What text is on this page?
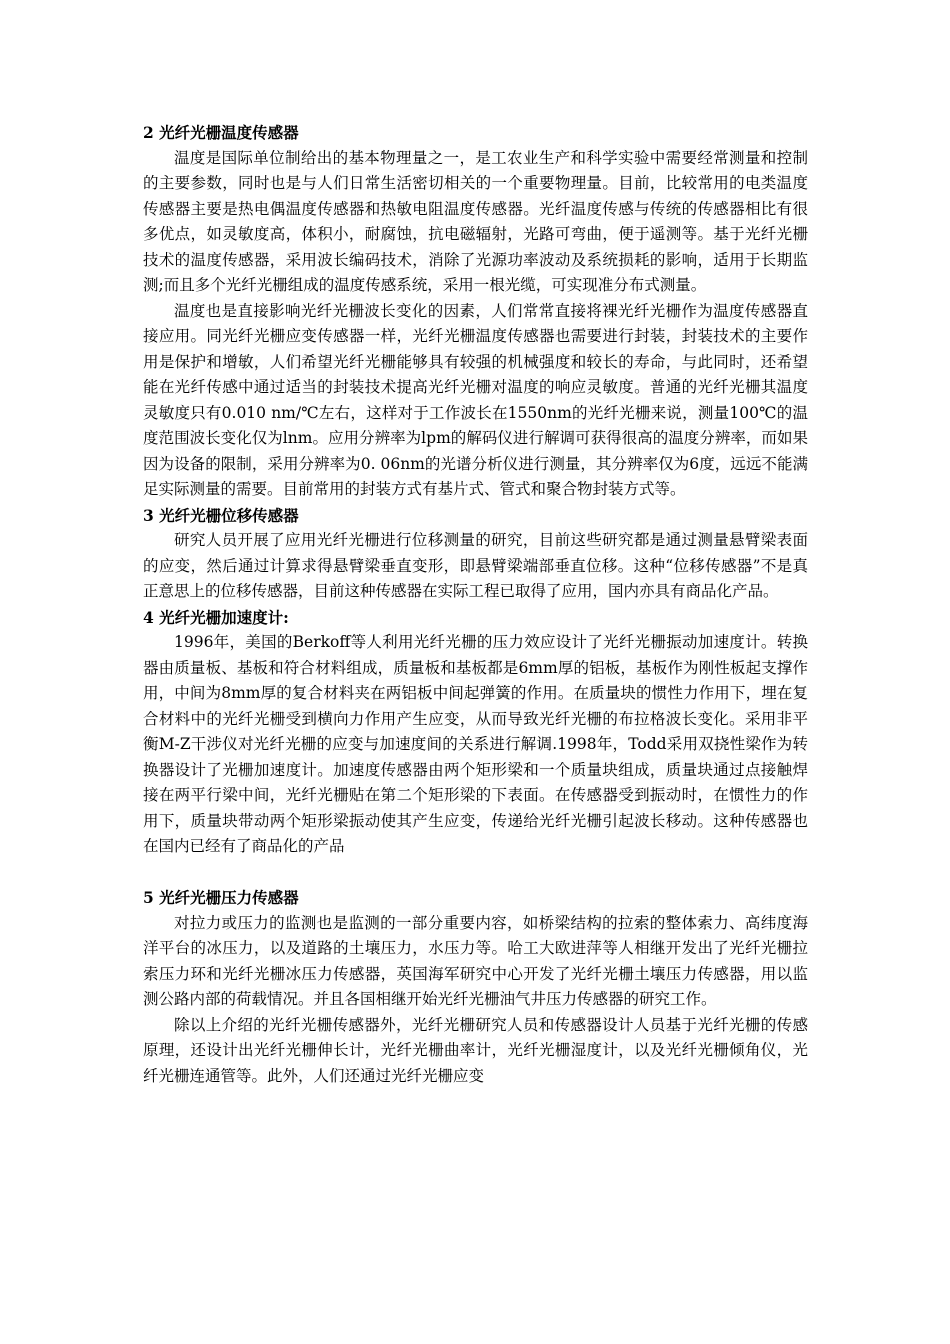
2 光纤光栅温度传感器

温度是国际单位制给出的基本物理量之一，是工农业生产和科学实验中需要经常测量和控制的主要参数，同时也是与人们日常生活密切相关的一个重要物理量。目前，比较常用的电类温度传感器主要是热电偶温度传感器和热敏电阻温度传感器。光纤温度传感与传统的传感器相比有很多优点，如灵敏度高，体积小，耐腐蚀，抗电磁辐射，光路可弯曲，便于遥测等。基于光纤光栅技术的温度传感器，采用波长编码技术，消除了光源功率波动及系统损耗的影响，适用于长期监测;而且多个光纤光栅组成的温度传感系统，采用一根光缆，可实现准分布式测量。

温度也是直接影响光纤光栅波长变化的因素，人们常常直接将裸光纤光栅作为温度传感器直接应用。同光纤光栅应变传感器一样，光纤光栅温度传感器也需要进行封装，封装技术的主要作用是保护和增敏，人们希望光纤光栅能够具有较强的机械强度和较长的寿命，与此同时，还希望能在光纤传感中通过适当的封装技术提高光纤光栅对温度的响应灵敏度。普通的光纤光栅其温度灵敏度只有0.010 nm/℃左右，这样对于工作波长在1550nm的光纤光栅来说，测量100℃的温度范围波长变化仅为lnm。应用分辨率为lpm的解码仪进行解调可获得很高的温度分辨率，而如果因为设备的限制，采用分辨率为0. 06nm的光谱分析仪进行测量，其分辨率仅为6度，远远不能满足实际测量的需要。目前常用的封装方式有基片式、管式和聚合物封装方式等。

3 光纤光栅位移传感器

研究人员开展了应用光纤光栅进行位移测量的研究，目前这些研究都是通过测量悬臂梁表面的应变，然后通过计算求得悬臂梁垂直变形，即悬臂梁端部垂直位移。这种“位移传感器”不是真正意思上的位移传感器，目前这种传感器在实际工程已取得了应用，国内亦具有商品化产品。

4 光纤光栅加速度计:

1996年，美国的Berkoff等人利用光纤光栅的压力效应设计了光纤光栅振动加速度计。转换器由质量板、基板和符合材料组成，质量板和基板都是6mm厚的铝板，基板作为刚性板起支撑作用，中间为8mm厚的复合材料夹在两铝板中间起弹簧的作用。在质量块的惯性力作用下，埋在复合材料中的光纤光栅受到横向力作用产生应变，从而导致光纤光栅的布拉格波长变化。采用非平衡M-Z干涉仪对光纤光栅的应变与加速度间的关系进行解调.1998年，Todd采用双挠性梁作为转换器设计了光栅加速度计。加速度传感器由两个矩形梁和一个质量块组成，质量块通过点接触焊接在两平行梁中间，光纤光栅贴在第二个矩形梁的下表面。在传感器受到振动时，在惯性力的作用下，质量块带动两个矩形梁振动使其产生应变，传递给光纤光栅引起波长移动。这种传感器也在国内已经有了商品化的产品

5 光纤光栅压力传感器

对拉力或压力的监测也是监测的一部分重要内容，如桥梁结构的拉索的整体索力、高纬度海洋平台的冰压力，以及道路的土壤压力，水压力等。哈工大欧进萍等人相继开发出了光纤光栅拉索压力环和光纤光栅冰压力传感器，英国海军研究中心开发了光纤光栅土壤压力传感器，用以监测公路内部的荷载情况。并且各国相继开始光纤光栅油气井压力传感器的研究工作。

除以上介绍的光纤光栅传感器外，光纤光栅研究人员和传感器设计人员基于光纤光栅的传感原理，还设计出光纤光栅伸长计，光纤光栅曲率计，光纤光栅湿度计，以及光纤光栅倾角仪，光纤光栅连通管等。此外，人们还通过光纤光栅应变
